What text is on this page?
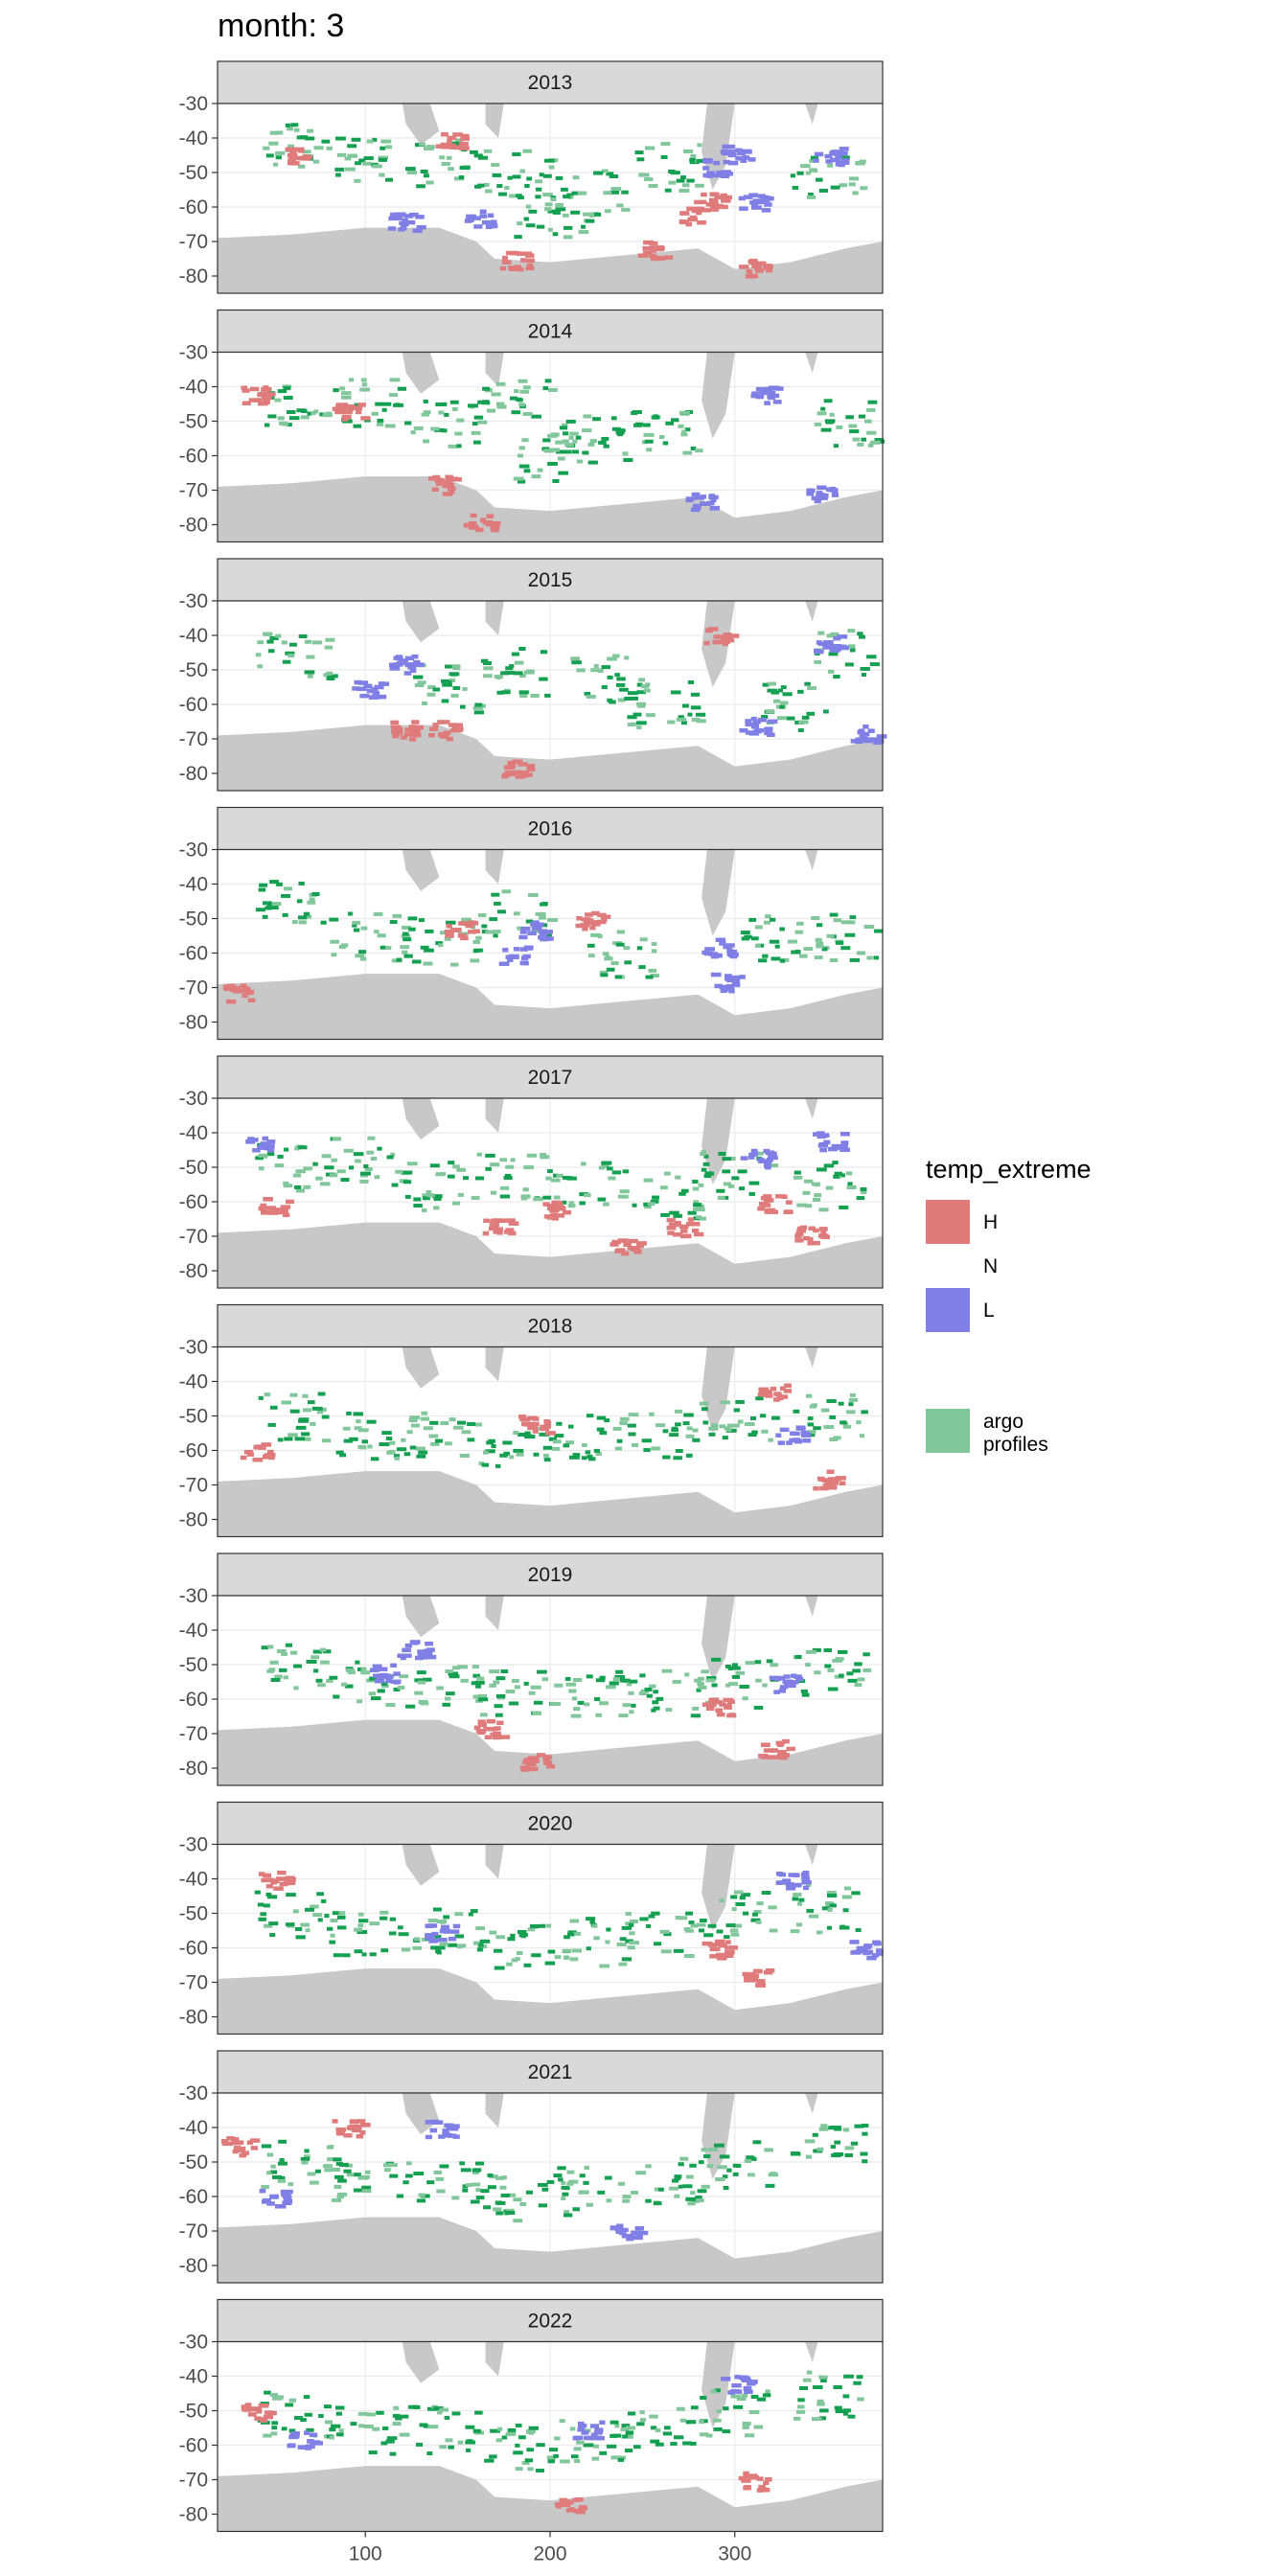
month: 3
2013
-30
-40
-50
-60
-70
-80
2014
-30
-40
-50
-60
-70
-80
2015
-30
-40
-50
-60
-70
-80
2016
-30
-40
-50
-60
-70
-80
2017
-30
-40
-50
-60
-70
-80
2018
-30
-40
-50
-60
-70
-80
2019
-30
-40
-50
-60
-70
-80
2020
-30
-40
-50
-60
-70
-80
2021
-30
-40
-50
-60
-70
-80
2022
-30
-40
-50
-60
-70
-80
100	200	300
temp_extreme
H
N
L
argo
profiles
